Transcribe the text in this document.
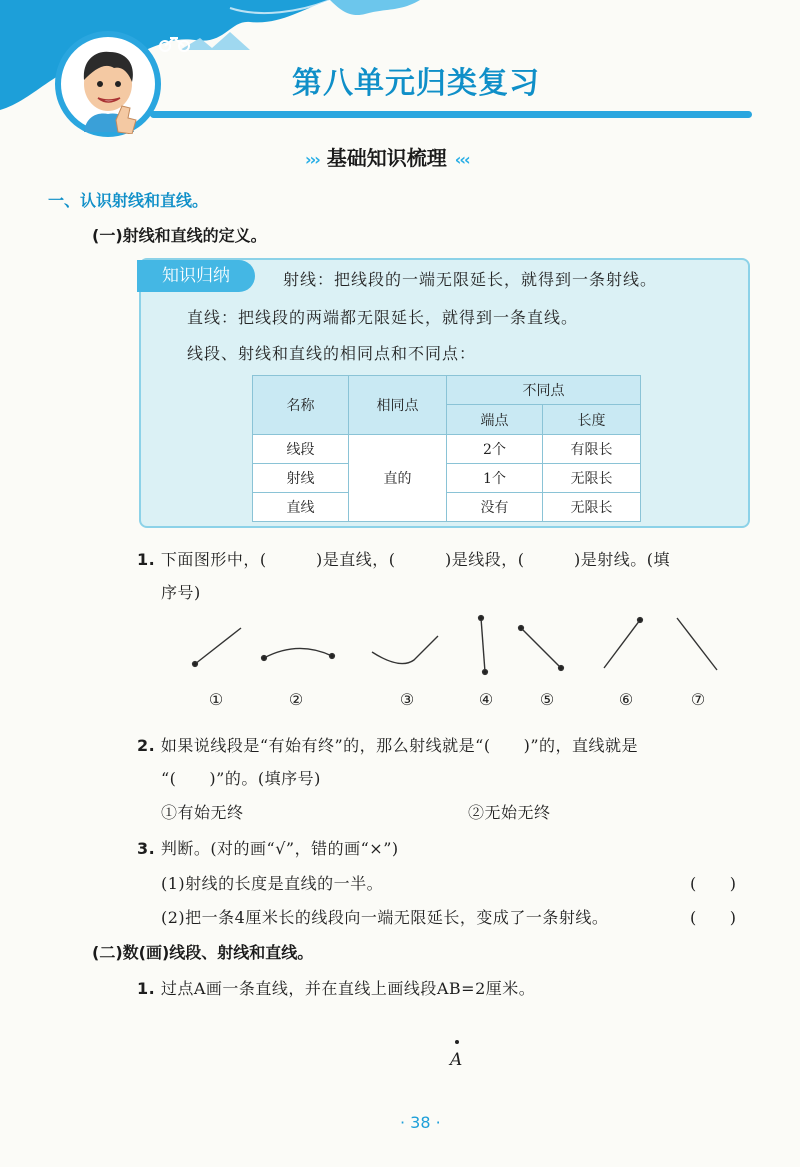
第八单元归类复习
››› 基础知识梳理 ‹‹‹
一、认识射线和直线。
(一)射线和直线的定义。
知识归纳	射线：把线段的一端无限延长，就得到一条射线。
直线：把线段的两端都无限延长，就得到一条直线。
线段、射线和直线的相同点和不同点：
名称	相同点	不同点	
		端点	长度
线段	直的	2个	有限长
射线		1个	无限长
直线		没有	无限长
1. 下面图形中，(　　　)是直线，(　　　)是线段，(　　　)是射线。(填
序号)
①	②	③	④	⑤	⑥	⑦
2. 如果说线段是“有始有终”的，那么射线就是“(　　)”的，直线就是
“(　　)”的。(填序号)
①有始无终	②无始无终
3. 判断。(对的画“√”，错的画“×”)
(1)射线的长度是直线的一半。	(　　)
(2)把一条4厘米长的线段向一端无限延长，变成了一条射线。	(　　)
(二)数(画)线段、射线和直线。
1. 过点A画一条直线，并在直线上画线段AB=2厘米。
A
· 38 ·
